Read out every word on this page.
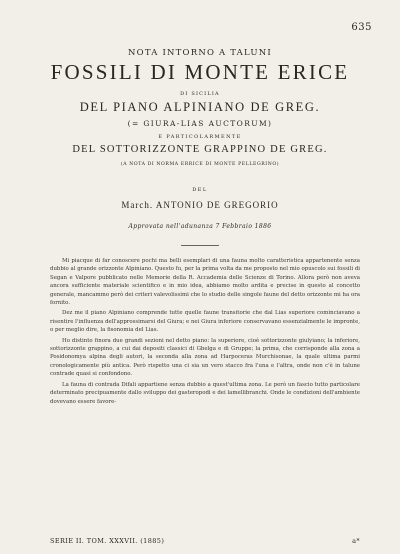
635
NOTA INTORNO A TALUNI
FOSSILI DI MONTE ERICE
DI SICILIA
DEL PIANO ALPINIANO DE GREG.
(= GIURA-LIAS AUCTORUM)
E PARTICOLARMENTE
DEL SOTTORIZZONTE GRAPPINO DE GREG.
(A NOTA DI NORMA ERRICE DI MONTE PELLEGRINO)
DEL
March. ANTONIO DE GREGORIO
Approvata nell'adunanza 7 Febbraio 1886

Mi piacque di far conoscere pochi ma belli esemplari di una fauna molto caratteristica appartenente senza dubbio al grande orizzonte Alpiniano. Questo fu, per la prima volta da me proposto nel mio opuscolo sui fossili di Segan e Valpore pubblicato nelle Memorie della R. Accademia delle Scienze di Torino. Allora però non aveva ancora sufficiente materiale scientifico e in mio idea, abbiamo molto ardita e precise in questo al concetto generale, mancammo però dei criteri valevolissimi che lo studio delle singole faune del detto orizzonte mi ha ora fornito.

Dez me il piano Alpiniano comprende tutte quelle faune transitorie che dal Lias superiore cominciavano a risentire l'influenza dell'approssimarsi del Giura; e nei Giura inferiore conservavano essenzialmente le impronte, o per meglio dire, la fisonomia del Lias.

Ho distinto finora due grandi sezioni nel detto piano: la superiore, cioè sottorizzonte giulyiano; la inferiore, sottorizzonte grappino, a cui dai depositi classici di Gbelga e di Gruppe; la prima, che corrisponde alla zona a Posidonomya alpina degli autori, la seconda alla zona ad Harpoceras Murchisonae, la quale ultima parmi cronologicamente più antica. Però rispetto una ci sia un vero stacco fra l'una e l'altra, onde non c'è in talune contrade quasi si confondono.

La fauna di contrada Difali appartiene senza dubbio a quest'ultima zona. Le però un fascio tutto particolare determinato precipuamente dallo sviluppo dei gasteropodi e dei lamellibranchi. Onde le condizioni dell'ambiente dovevano essere favore-

SERIE II. TOM. XXXVII. (1885)	a*
